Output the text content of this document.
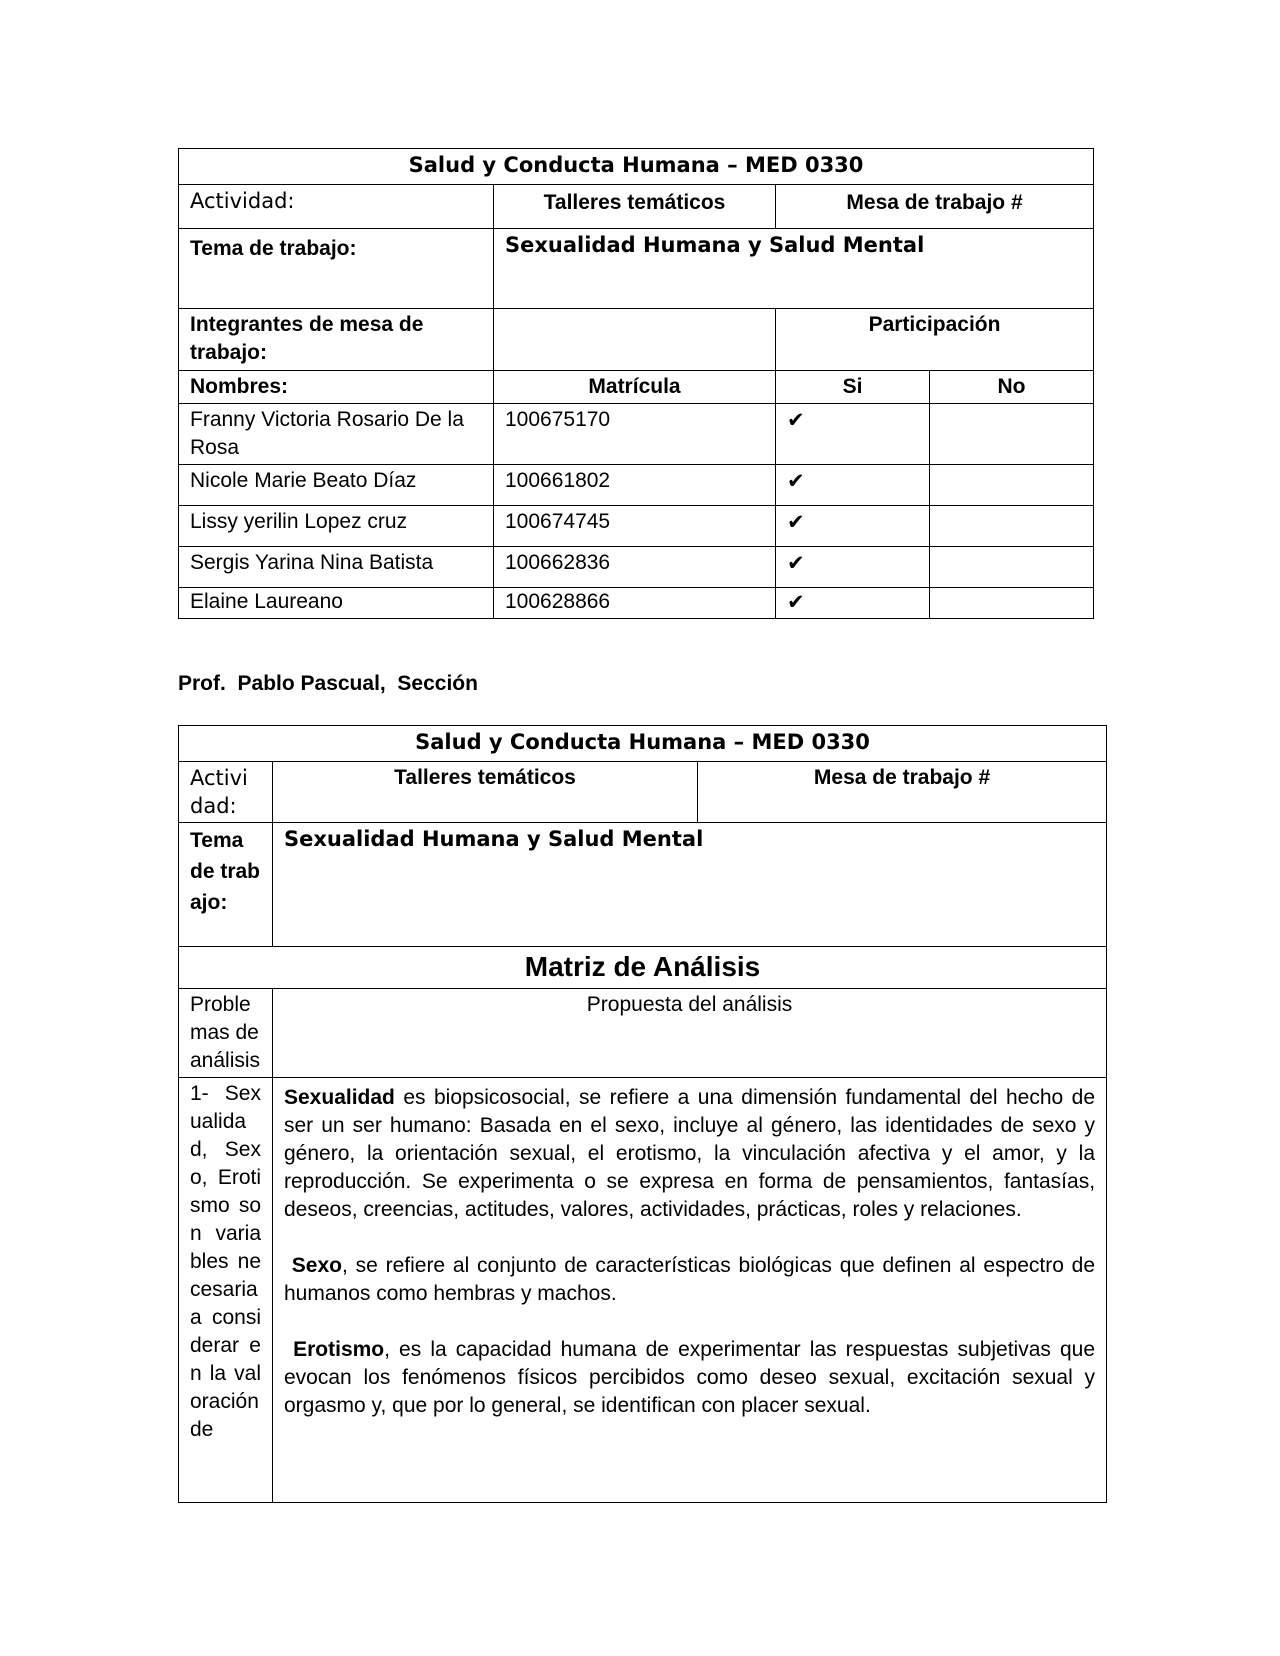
Salud y Conducta Humana – MED 0330			
Actividad:	Talleres temáticos	Mesa de trabajo #	
Tema de trabajo:	Sexualidad Humana y Salud Mental		
Integrantes de mesa de trabajo:		Participación	
Nombres:	Matrícula	Si	No
Franny Victoria Rosario De la Rosa	100675170	✔	
Nicole Marie Beato Díaz	100661802	✔	
Lissy yerilin Lopez cruz	100674745	✔	
Sergis Yarina Nina Batista	100662836	✔	
Elaine Laureano	100628866	✔	
Prof.  Pablo Pascual,  Sección
Salud y Conducta Humana – MED 0330		
Actividad:	Talleres temáticos	Mesa de trabajo #
Tema de trabajo:	Sexualidad Humana y Salud Mental	
Matriz de Análisis		
Problemas de análisis	Propuesta del análisis	
1- Sexualidad, Sexo, Erotismo son variables necesaria a considerar en la valoración de	Sexualidad es biopsicosocial, se refiere a una dimensión fundamental del hecho de ser un ser humano: Basada en el sexo, incluye al género, las identidades de sexo y género, la orientación sexual, el erotismo, la vinculación afectiva y el amor, y la reproducción. Se experimenta o se expresa en forma de pensamientos, fantasías, deseos, creencias, actitudes, valores, actividades, prácticas, roles y relaciones.

Sexo, se refiere al conjunto de características biológicas que definen al espectro de humanos como hembras y machos.

Erotismo, es la capacidad humana de experimentar las respuestas subjetivas que evocan los fenómenos físicos percibidos como deseo sexual, excitación sexual y orgasmo y, que por lo general, se identifican con placer sexual.	
